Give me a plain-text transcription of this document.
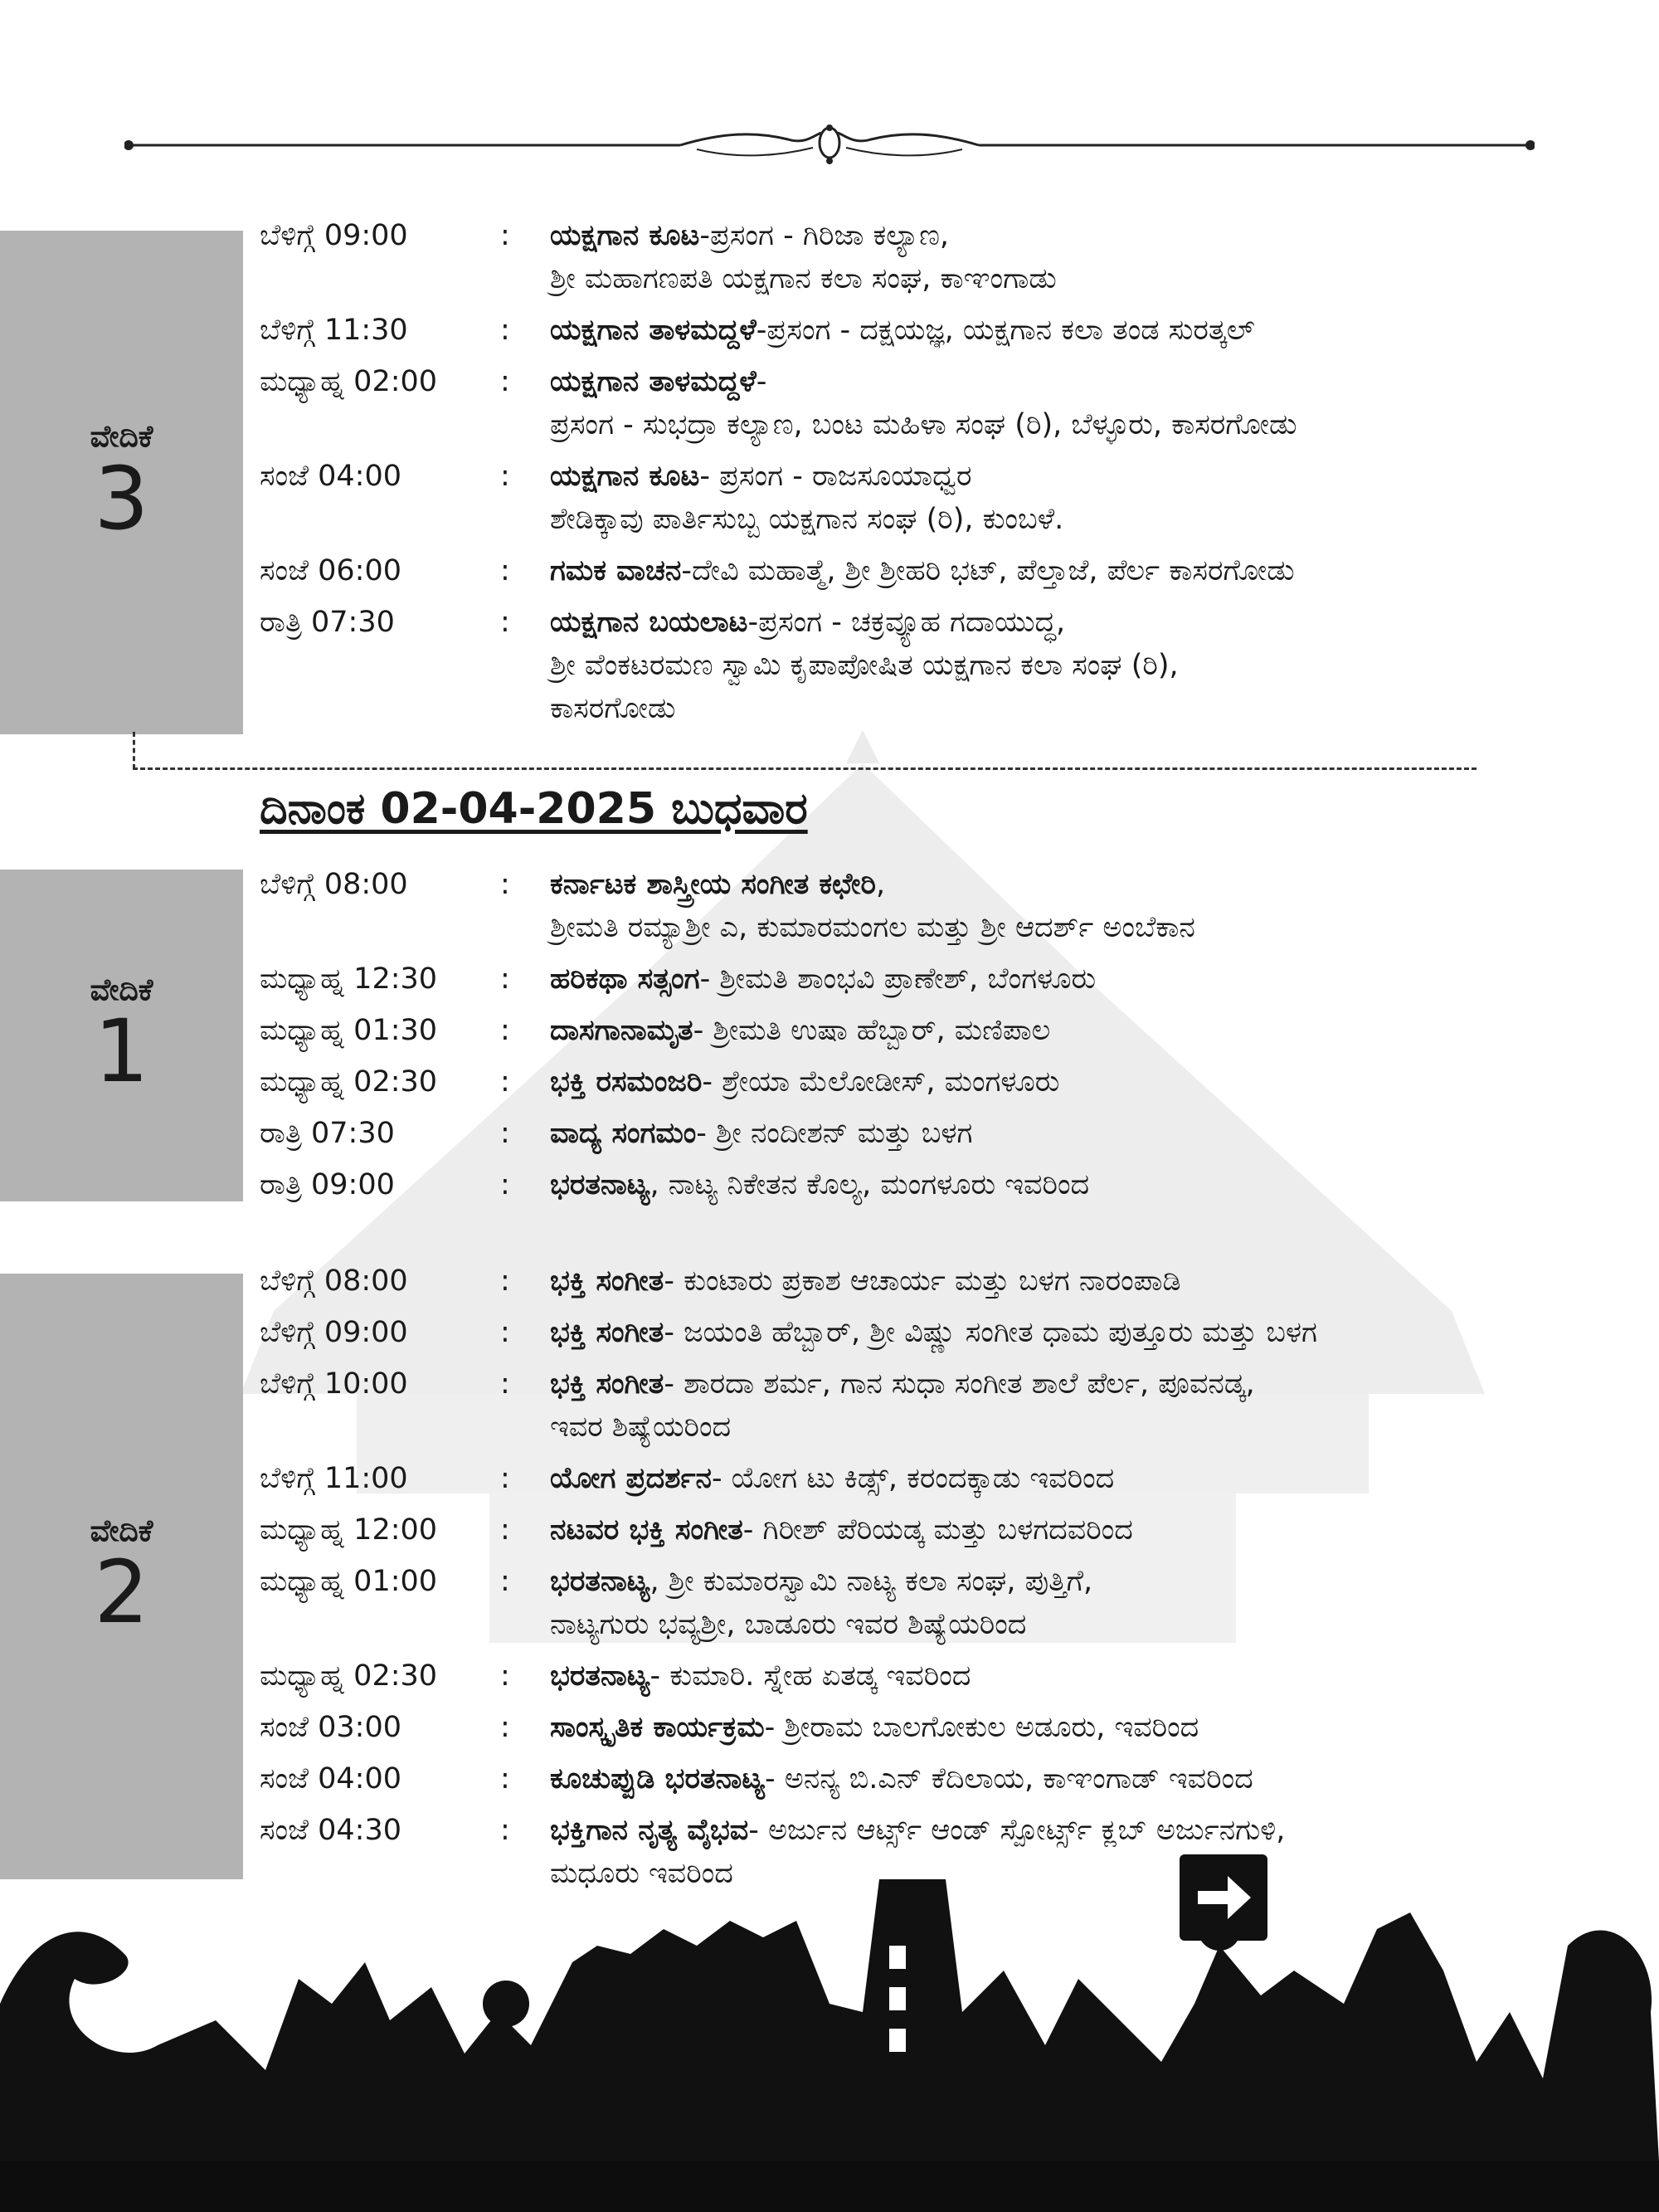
ವೇದಿಕೆ
3
ಬೆಳಿಗ್ಗೆ 09:00	:	ಯಕ್ಷಗಾನ ಕೂಟ-ಪ್ರಸಂಗ - ಗಿರಿಜಾ ಕಲ್ಯಾಣ,
ಶ್ರೀ ಮಹಾಗಣಪತಿ ಯಕ್ಷಗಾನ ಕಲಾ ಸಂಘ, ಕಾಞಂಗಾಡು
ಬೆಳಿಗ್ಗೆ 11:30	:	ಯಕ್ಷಗಾನ ತಾಳಮದ್ದಳೆ-ಪ್ರಸಂಗ - ದಕ್ಷಯಜ್ಞ, ಯಕ್ಷಗಾನ ಕಲಾ ತಂಡ ಸುರತ್ಕಲ್
ಮಧ್ಯಾಹ್ನ 02:00	:	ಯಕ್ಷಗಾನ ತಾಳಮದ್ದಳೆ-
ಪ್ರಸಂಗ - ಸುಭದ್ರಾ ಕಲ್ಯಾಣ, ಬಂಟ ಮಹಿಳಾ ಸಂಘ (ರಿ), ಬೆಳ್ಳೂರು, ಕಾಸರಗೋಡು
ಸಂಜೆ 04:00	:	ಯಕ್ಷಗಾನ ಕೂಟ- ಪ್ರಸಂಗ - ರಾಜಸೂಯಾಧ್ವರ
ಶೇಡಿಕ್ಕಾವು ಪಾರ್ತಿಸುಬ್ಬ ಯಕ್ಷಗಾನ ಸಂಘ (ರಿ), ಕುಂಬಳೆ.
ಸಂಜೆ 06:00	:	ಗಮಕ ವಾಚನ-ದೇವಿ ಮಹಾತ್ಮೆ, ಶ್ರೀ ಶ್ರೀಹರಿ ಭಟ್, ಪೆಲ್ತಾಜೆ, ಪೆರ್ಲ ಕಾಸರಗೋಡು
ರಾತ್ರಿ 07:30	:	ಯಕ್ಷಗಾನ ಬಯಲಾಟ-ಪ್ರಸಂಗ - ಚಕ್ರವ್ಯೂಹ ಗದಾಯುದ್ಧ,
ಶ್ರೀ ವೆಂಕಟರಮಣ ಸ್ವಾಮಿ ಕೃಪಾಪೋಷಿತ ಯಕ್ಷಗಾನ ಕಲಾ ಸಂಘ (ರಿ),
ಕಾಸರಗೋಡು
ದಿನಾಂಕ 02-04-2025 ಬುಧವಾರ
ವೇದಿಕೆ
1
ಬೆಳಿಗ್ಗೆ 08:00	:	ಕರ್ನಾಟಕ ಶಾಸ್ತ್ರೀಯ ಸಂಗೀತ ಕಛೇರಿ,
ಶ್ರೀಮತಿ ರಮ್ಯಾಶ್ರೀ ಎ, ಕುಮಾರಮಂಗಲ ಮತ್ತು ಶ್ರೀ ಆದರ್ಶ್ ಅಂಬೆಕಾನ
ಮಧ್ಯಾಹ್ನ 12:30	:	ಹರಿಕಥಾ ಸತ್ಸಂಗ- ಶ್ರೀಮತಿ ಶಾಂಭವಿ ಪ್ರಾಣೇಶ್, ಬೆಂಗಳೂರು
ಮಧ್ಯಾಹ್ನ 01:30	:	ದಾಸಗಾನಾಮೃತ- ಶ್ರೀಮತಿ ಉಷಾ ಹೆಬ್ಬಾರ್, ಮಣಿಪಾಲ
ಮಧ್ಯಾಹ್ನ 02:30	:	ಭಕ್ತಿ ರಸಮಂಜರಿ- ಶ್ರೇಯಾ ಮೆಲೋಡೀಸ್, ಮಂಗಳೂರು
ರಾತ್ರಿ 07:30	:	ವಾದ್ಯ ಸಂಗಮಂ- ಶ್ರೀ ನಂದೀಶನ್ ಮತ್ತು ಬಳಗ
ರಾತ್ರಿ 09:00	:	ಭರತನಾಟ್ಯ, ನಾಟ್ಯ ನಿಕೇತನ ಕೊಲ್ಯ, ಮಂಗಳೂರು ಇವರಿಂದ
ವೇದಿಕೆ
2
ಬೆಳಿಗ್ಗೆ 08:00	:	ಭಕ್ತಿ ಸಂಗೀತ- ಕುಂಟಾರು ಪ್ರಕಾಶ ಆಚಾರ್ಯ ಮತ್ತು ಬಳಗ ನಾರಂಪಾಡಿ
ಬೆಳಿಗ್ಗೆ 09:00	:	ಭಕ್ತಿ ಸಂಗೀತ- ಜಯಂತಿ ಹೆಬ್ಬಾರ್, ಶ್ರೀ ವಿಷ್ಣು ಸಂಗೀತ ಧಾಮ ಪುತ್ತೂರು ಮತ್ತು ಬಳಗ
ಬೆಳಿಗ್ಗೆ 10:00	:	ಭಕ್ತಿ ಸಂಗೀತ- ಶಾರದಾ ಶರ್ಮ, ಗಾನ ಸುಧಾ ಸಂಗೀತ ಶಾಲೆ ಪೆರ್ಲ, ಪೂವನಡ್ಕ,
ಇವರ ಶಿಷ್ಯೆಯರಿಂದ
ಬೆಳಿಗ್ಗೆ 11:00	:	ಯೋಗ ಪ್ರದರ್ಶನ- ಯೋಗ ಟು ಕಿಡ್ಸ್, ಕರಂದಕ್ಕಾಡು ಇವರಿಂದ
ಮಧ್ಯಾಹ್ನ 12:00	:	ನಟವರ ಭಕ್ತಿ ಸಂಗೀತ- ಗಿರೀಶ್ ಪೆರಿಯಡ್ಕ ಮತ್ತು ಬಳಗದವರಿಂದ
ಮಧ್ಯಾಹ್ನ 01:00	:	ಭರತನಾಟ್ಯ, ಶ್ರೀ ಕುಮಾರಸ್ವಾಮಿ ನಾಟ್ಯ ಕಲಾ ಸಂಘ, ಪುತ್ತಿಗೆ,
ನಾಟ್ಯಗುರು ಭವ್ಯಶ್ರೀ, ಬಾಡೂರು ಇವರ ಶಿಷ್ಯೆಯರಿಂದ
ಮಧ್ಯಾಹ್ನ 02:30	:	ಭರತನಾಟ್ಯ- ಕುಮಾರಿ. ಸ್ನೇಹ ಏತಡ್ಕ ಇವರಿಂದ
ಸಂಜೆ 03:00	:	ಸಾಂಸ್ಕೃತಿಕ ಕಾರ್ಯಕ್ರಮ- ಶ್ರೀರಾಮ ಬಾಲಗೋಕುಲ ಅಡೂರು, ಇವರಿಂದ
ಸಂಜೆ 04:00	:	ಕೂಚುಪ್ಪುಡಿ ಭರತನಾಟ್ಯ- ಅನನ್ಯ ಬಿ.ಎನ್ ಕೆದಿಲಾಯ, ಕಾಞಂಗಾಡ್ ಇವರಿಂದ
ಸಂಜೆ 04:30	:	ಭಕ್ತಿಗಾನ ನೃತ್ಯ ವೈಭವ- ಅರ್ಜುನ ಆರ್ಟ್ಸ್ ಆಂಡ್ ಸ್ಪೋರ್ಟ್ಸ್ ಕ್ಲಬ್ ಅರ್ಜುನಗುಳಿ,
ಮಧೂರು ಇವರಿಂದ
